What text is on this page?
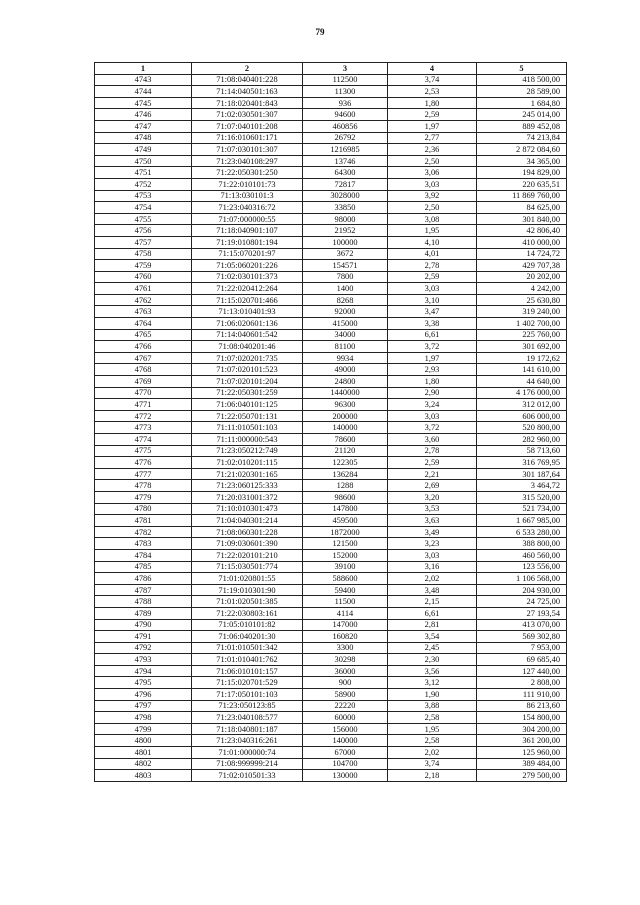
79
1	2	3	4	5
4743	71:08:040401:228	112500	3,74	418 500,00
4744	71:14:040501:163	11300	2,53	28 589,00
4745	71:18:020401:843	936	1,80	1 684,80
4746	71:02:030501:307	94600	2,59	245 014,00
4747	71:07:040101:208	460856	1,97	889 452,08
4748	71:16:010601:171	26792	2,77	74 213,84
4749	71:07:030101:307	1216985	2,36	2 872 084,60
4750	71:23:040108:297	13746	2,50	34 365,00
4751	71:22:050301:250	64300	3,06	194 829,00
4752	71:22:010101:73	72817	3,03	220 635,51
4753	71:13:030101:3	3028000	3,92	11 869 760,00
4754	71:23:040316:72	33850	2,50	84 625,00
4755	71:07:000000:55	98000	3,08	301 840,00
4756	71:18:040901:107	21952	1,95	42 806,40
4757	71:19:010801:194	100000	4,10	410 000,00
4758	71:15:070201:97	3672	4,01	14 724,72
4759	71:05:060201:226	154571	2,78	429 707,38
4760	71:02:030101:373	7800	2,59	20 202,00
4761	71:22:020412:264	1400	3,03	4 242,00
4762	71:15:020701:466	8268	3,10	25 630,80
4763	71:13:010401:93	92000	3,47	319 240,00
4764	71:06:020601:136	415000	3,38	1 402 700,00
4765	71:14:040601:542	34000	6,61	225 760,00
4766	71:08:040201:46	81100	3,72	301 692,00
4767	71:07:020201:735	9934	1,97	19 172,62
4768	71:07:020101:523	49000	2,93	141 610,00
4769	71:07:020101:204	24800	1,80	44 640,00
4770	71:22:050301:259	1440000	2,90	4 176 000,00
4771	71:06:040101:125	96300	3,24	312 012,00
4772	71:22:050701:131	200000	3,03	606 000,00
4773	71:11:010501:103	140000	3,72	520 800,00
4774	71:11:000000:543	78600	3,60	282 960,00
4775	71:23:050212:749	21120	2,78	58 713,60
4776	71:02:010201:115	122305	2,59	316 769,95
4777	71:21:020301:165	136284	2,21	301 187,64
4778	71:23:060125:333	1288	2,69	3 464,72
4779	71:20:031001:372	98600	3,20	315 520,00
4780	71:10:010301:473	147800	3,53	521 734,00
4781	71:04:040301:214	459500	3,63	1 667 985,00
4782	71:08:060301:228	1872000	3,49	6 533 280,00
4783	71:09:030601:390	121500	3,23	388 800,00
4784	71:22:020101:210	152000	3,03	460 560,00
4785	71:15:030501:774	39100	3,16	123 556,00
4786	71:01:020801:55	588600	2,02	1 106 568,00
4787	71:19:010301:90	59400	3,48	204 930,00
4788	71:01:020501:385	11500	2,15	24 725,00
4789	71:22:030803:161	4114	6,61	27 193,54
4790	71:05:010101:82	147000	2,81	413 070,00
4791	71:06:040201:30	160820	3,54	569 302,80
4792	71:01:010501:342	3300	2,45	7 953,00
4793	71:01:010401:762	30298	2,30	69 685,40
4794	71:06:010101:157	36000	3,56	127 440,00
4795	71:15:020701:529	900	3,12	2 808,00
4796	71:17:050101:103	58900	1,90	111 910,00
4797	71:23:050123:85	22220	3,88	86 213,60
4798	71:23:040108:577	60000	2,58	154 800,00
4799	71:18:040801:187	156000	1,95	304 200,00
4800	71:23:040316:261	140000	2,58	361 200,00
4801	71:01:000000:74	67000	2,02	125 960,00
4802	71:08:999999:214	104700	3,74	389 484,00
4803	71:02:010501:33	130000	2,18	279 500,00
